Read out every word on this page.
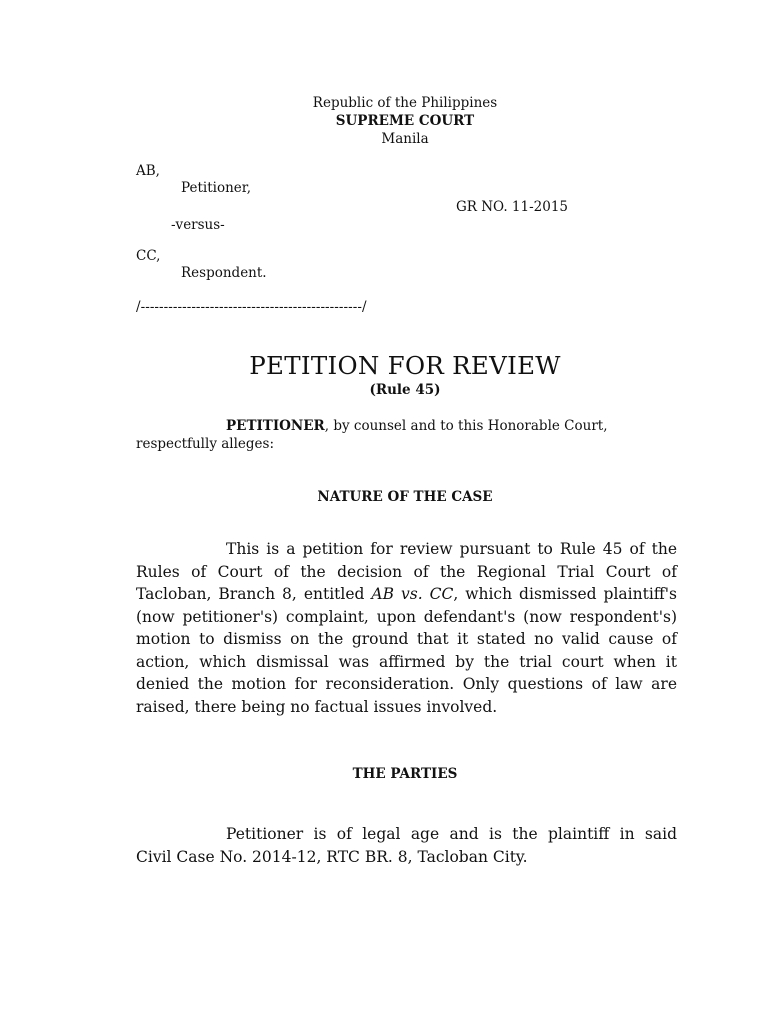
Republic of the Philippines
SUPREME COURT
Manila
AB,
Petitioner,
GR NO. 11-2015
-versus-
CC,
Respondent.
/------------------------------------------------/
PETITION FOR REVIEW
(Rule 45)
PETITIONER, by counsel and to this Honorable Court,
respectfully alleges:
NATURE OF THE CASE
This is a petition for review pursuant to Rule 45 of the
Rules of Court of the decision of the Regional Trial Court of
Tacloban, Branch 8, entitled AB vs. CC, which dismissed plaintiff's
(now petitioner's) complaint, upon defendant's (now respondent's)
motion to dismiss on the ground that it stated no valid cause of
action, which dismissal was affirmed by the trial court when it
denied the motion for reconsideration. Only questions of law are
raised, there being no factual issues involved.
THE PARTIES
Petitioner is of legal age and is the plaintiff in said
Civil Case No. 2014-12, RTC BR. 8, Tacloban City.
